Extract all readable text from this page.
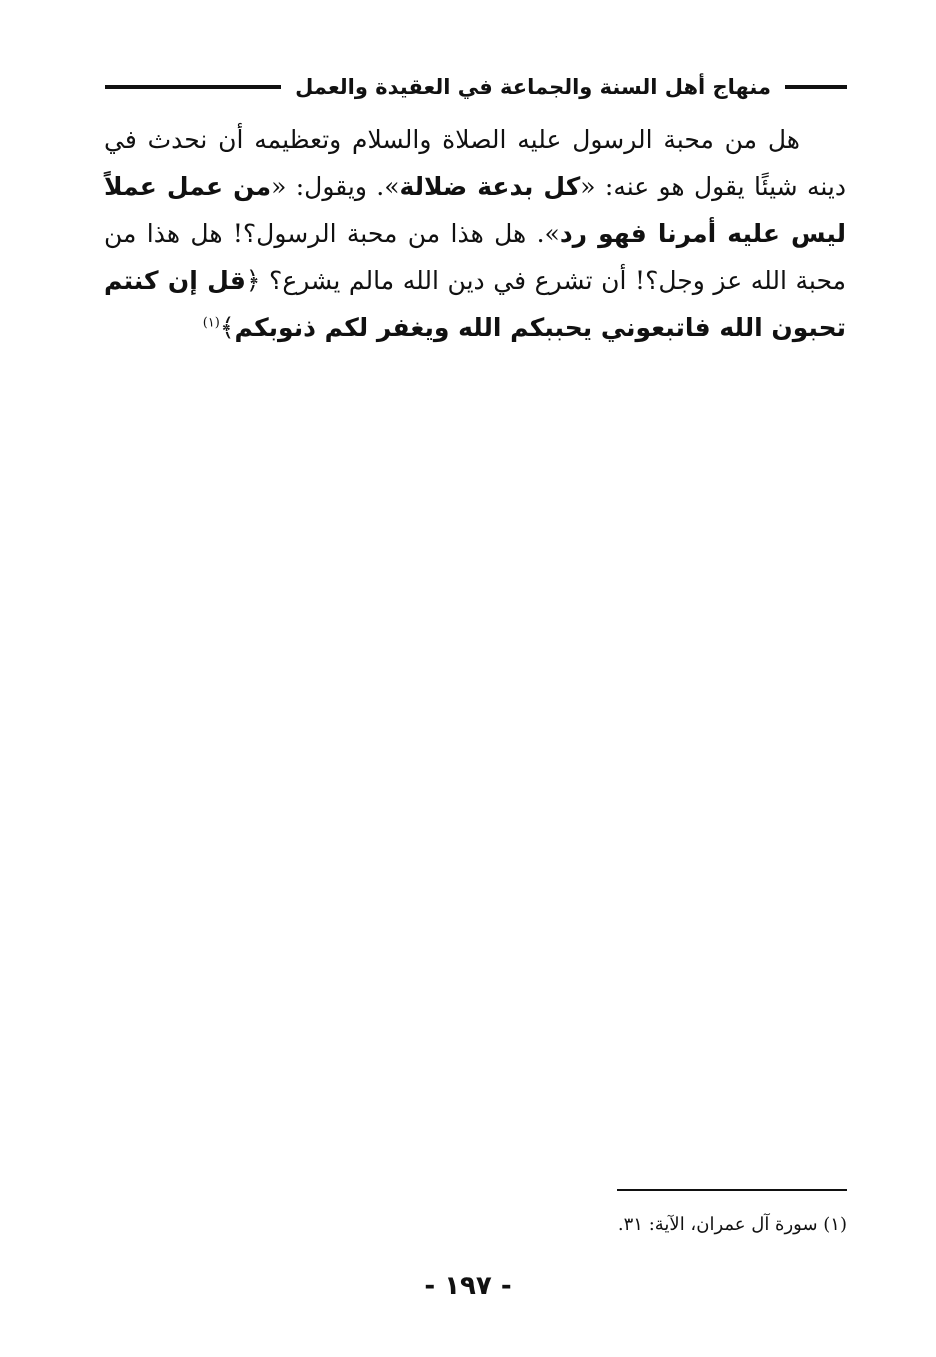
منهاج أهل السنة والجماعة في العقيدة والعمل
هل من محبة الرسول عليه الصلاة والسلام وتعظيمه أن نحدث في دينه شيئًا يقول هو عنه: «كل بدعة ضلالة». ويقول: «من عمل عملاً ليس عليه أمرنا فهو رد». هل هذا من محبة الرسول؟! هل هذا من محبة الله عز وجل؟! أن تشرع في دين الله مالم يشرع؟ ﴿قل إن كنتم تحبون الله فاتبعوني يحببكم الله ويغفر لكم ذنوبكم﴾$^{(١)}$
(١) سورة آل عمران، الآية: ٣١.
- ١٩٧ -
